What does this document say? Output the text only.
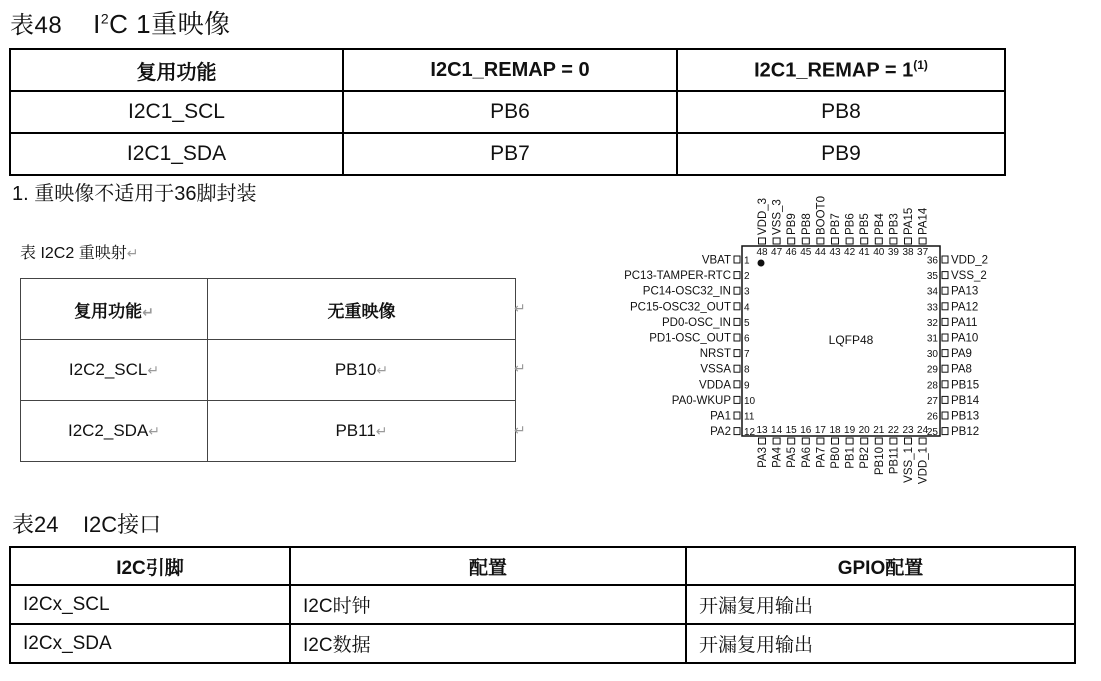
表48 $I^2C$ 1重映像
复用功能	I2C1_REMAP = 0	I2C1_REMAP = $1^{(1)}$
I2C1_SCL	PB6	PB8
I2C1_SDA	PB7	PB9
1. 重映像不适用于36脚封装
表 I2C2 重映射↵
复用功能↵	无重映像
I2C2_SCL↵	PB10↵
I2C2_SDA↵	PB11↵
↵
↵
↵
LQFP48
VBAT 1
PC13-TAMPER-RTC 2
PC14-OSC32_IN 3
PC15-OSC32_OUT 4
PD0-OSC_IN 5
PD1-OSC_OUT 6
NRST 7
VSSA 8
VDDA 9
PA0-WKUP 10
PA1 11
PA2 12
VDD_2
36
VSS_2
35
PA13
34
PA12
33
PA11
32
PA10
31
PA9
30
PA8
29
PB15
28
PB14
27
PB13
26
PB12
25
48
VDD_3
47
VSS_3
46
PB9
45
PB8
44
BOOT0
43
PB7
42
PB6
41
PB5
40
PB4
39
PB3
38
PA15
37
PA14
13
PA3
14
PA4
15
PA5
16
PA6
17
PA7
18
PB0
19
PB1
20
PB2
21
PB10
22
PB11
23
VSS_1
24
VDD_1
表24 I2C接口
I2C引脚	配置	GPIO配置
I2Cx_SCL	I2C时钟	开漏复用输出
I2Cx_SDA	I2C数据	开漏复用输出
